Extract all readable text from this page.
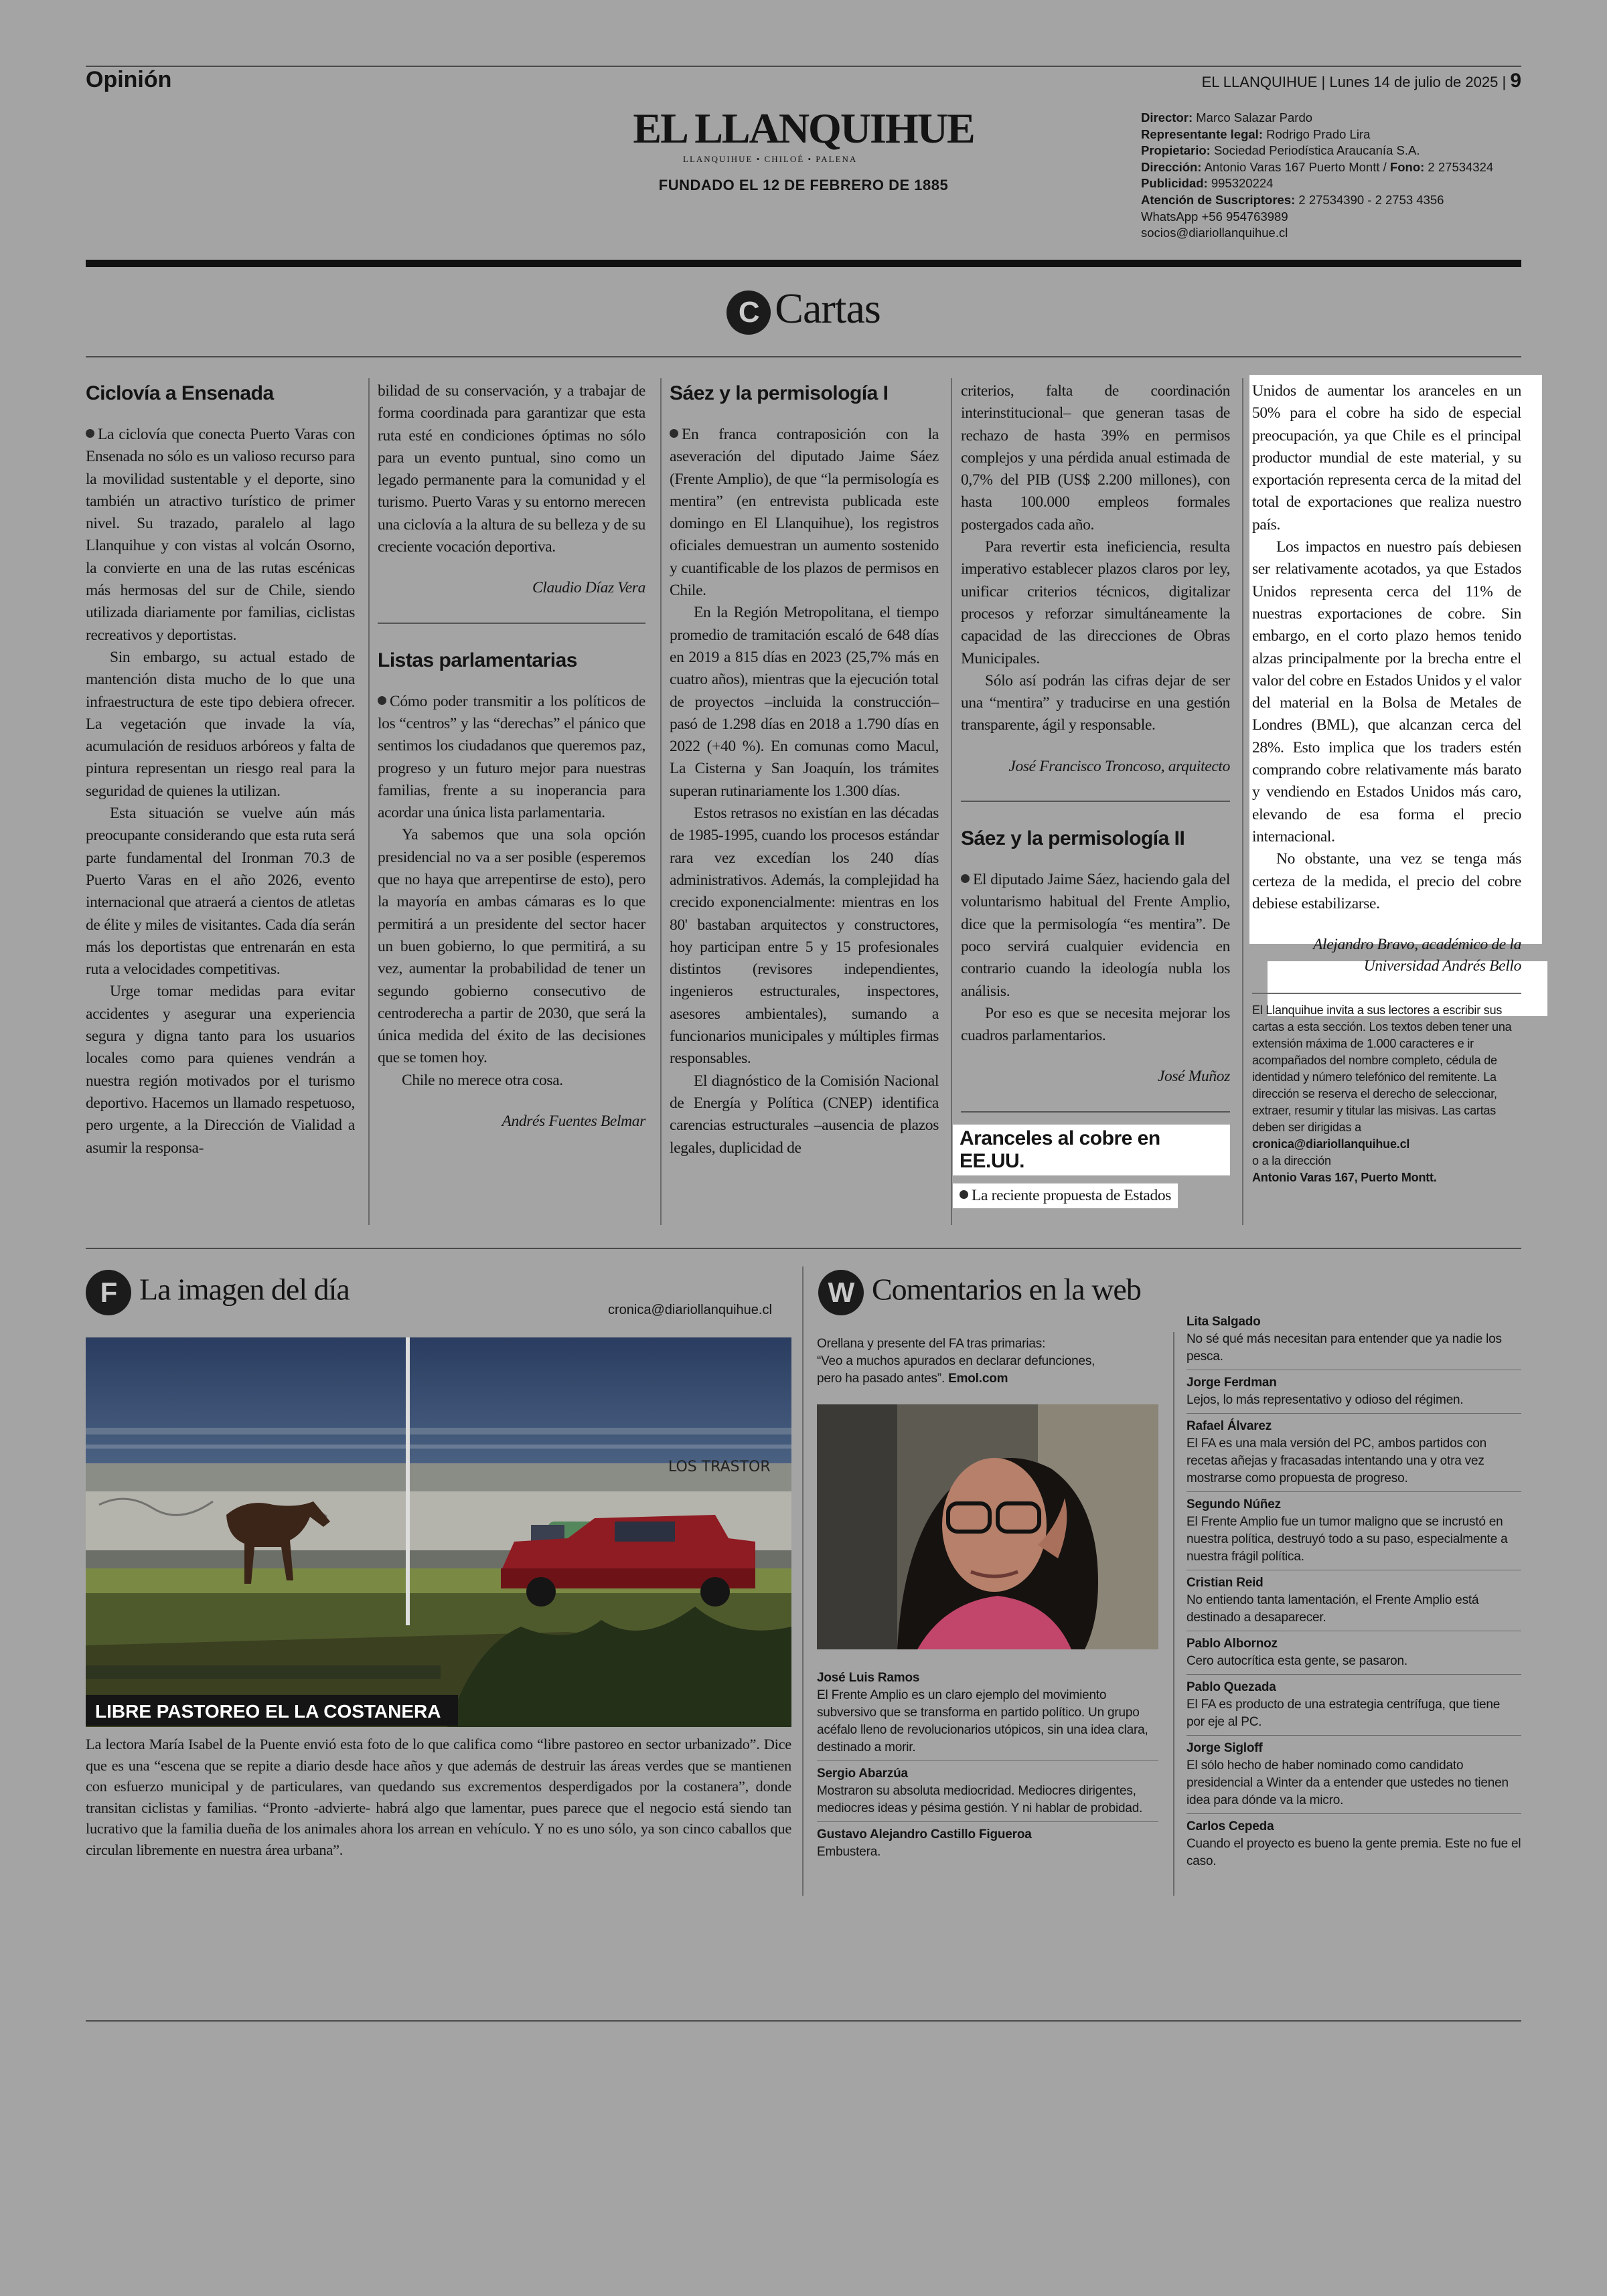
Opinión	EL LLANQUIHUE | Lunes 14 de julio de 2025 | 9
EL LLANQUIHUE
LLANQUIHUE • CHILOÉ • PALENA
FUNDADO EL 12 DE FEBRERO DE 1885
Director: Marco Salazar Pardo
Representante legal: Rodrigo Prado Lira
Propietario: Sociedad Periodística Araucanía S.A.
Dirección: Antonio Varas 167 Puerto Montt / Fono: 2 27534324
Publicidad: 995320224
Atención de Suscriptores: 2 27534390 - 2 2753 4356
WhatsApp +56 954763989
socios@diariollanquihue.cl
C Cartas
Ciclovía a Ensenada

La ciclovía que conecta Puerto Varas con Ensenada no sólo es un valioso recurso para la movilidad sustentable y el deporte, sino también un atractivo turístico de primer nivel. Su trazado, paralelo al lago Llanquihue y con vistas al volcán Osorno, la convierte en una de las rutas escénicas más hermosas del sur de Chile, siendo utilizada diariamente por familias, ciclistas recreativos y deportistas.

Sin embargo, su actual estado de mantención dista mucho de lo que una infraestructura de este tipo debiera ofrecer. La vegetación que invade la vía, acumulación de residuos arbóreos y falta de pintura representan un riesgo real para la seguridad de quienes la utilizan.

Esta situación se vuelve aún más preocupante considerando que esta ruta será parte fundamental del Ironman 70.3 de Puerto Varas en el año 2026, evento internacional que atraerá a cientos de atletas de élite y miles de visitantes. Cada día serán más los deportistas que entrenarán en esta ruta a velocidades competitivas.

Urge tomar medidas para evitar accidentes y asegurar una experiencia segura y digna tanto para los usuarios locales como para quienes vendrán a nuestra región motivados por el turismo deportivo. Hacemos un llamado respetuoso, pero urgente, a la Dirección de Vialidad a asumir la responsa-

bilidad de su conservación, y a trabajar de forma coordinada para garantizar que esta ruta esté en condiciones óptimas no sólo para un evento puntual, sino como un legado permanente para la comunidad y el turismo. Puerto Varas y su entorno merecen una ciclovía a la altura de su belleza y de su creciente vocación deportiva.

Claudio Díaz Vera

Listas parlamentarias

Cómo poder transmitir a los políticos de los “centros” y las “derechas” el pánico que sentimos los ciudadanos que queremos paz, progreso y un futuro mejor para nuestras familias, frente a su inoperancia para acordar una única lista parlamentaria.

Ya sabemos que una sola opción presidencial no va a ser posible (esperemos que no haya que arrepentirse de esto), pero la mayoría en ambas cámaras es lo que permitirá a un presidente del sector hacer un buen gobierno, lo que permitirá, a su vez, aumentar la probabilidad de tener un segundo gobierno consecutivo de centroderecha a partir de 2030, que será la única medida del éxito de las decisiones que se tomen hoy.

Chile no merece otra cosa.

Andrés Fuentes Belmar

Sáez y la permisología I

En franca contraposición con la aseveración del diputado Jaime Sáez (Frente Amplio), de que “la permisología es mentira” (en entrevista publicada este domingo en El Llanquihue), los registros oficiales demuestran un aumento sostenido y cuantificable de los plazos de permisos en Chile.

En la Región Metropolitana, el tiempo promedio de tramitación escaló de 648 días en 2019 a 815 días en 2023 (25,7% más en cuatro años), mientras que la ejecución total de proyectos –incluida la construcción– pasó de 1.298 días en 2018 a 1.790 días en 2022 (+40 %). En comunas como Macul, La Cisterna y San Joaquín, los trámites superan rutinariamente los 1.300 días.

Estos retrasos no existían en las décadas de 1985-1995, cuando los procesos estándar rara vez excedían los 240 días administrativos. Además, la complejidad ha crecido exponencialmente: mientras en los 80' bastaban arquitectos y constructores, hoy participan entre 5 y 15 profesionales distintos (revisores independientes, ingenieros estructurales, inspectores, asesores ambientales), sumando a funcionarios municipales y múltiples firmas responsables.

El diagnóstico de la Comisión Nacional de Energía y Política (CNEP) identifica carencias estructurales –ausencia de plazos legales, duplicidad de

criterios, falta de coordinación interinstitucional– que generan tasas de rechazo de hasta 39% en permisos complejos y una pérdida anual estimada de 0,7% del PIB (US$ 2.200 millones), con hasta 100.000 empleos formales postergados cada año.

Para revertir esta ineficiencia, resulta imperativo establecer plazos claros por ley, unificar criterios técnicos, digitalizar procesos y reforzar simultáneamente la capacidad de las direcciones de Obras Municipales.

Sólo así podrán las cifras dejar de ser una “mentira” y traducirse en una gestión transparente, ágil y responsable.

José Francisco Troncoso, arquitecto

Sáez y la permisología II

El diputado Jaime Sáez, haciendo gala del voluntarismo habitual del Frente Amplio, dice que la permisología “es mentira”. De poco servirá cualquier evidencia en contrario cuando la ideología nubla los análisis.

Por eso es que se necesita mejorar los cuadros parlamentarios.

José Muñoz

Aranceles al cobre en EE.UU.

La reciente propuesta de Estados

Unidos de aumentar los aranceles en un 50% para el cobre ha sido de especial preocupación, ya que Chile es el principal productor mundial de este material, y su exportación representa cerca de la mitad del total de exportaciones que realiza nuestro país.

Los impactos en nuestro país debiesen ser relativamente acotados, ya que Estados Unidos representa cerca del 11% de nuestras exportaciones de cobre. Sin embargo, en el corto plazo hemos tenido alzas principalmente por la brecha entre el valor del cobre en Estados Unidos y el valor del material en la Bolsa de Metales de Londres (BML), que alcanzan cerca del 28%. Esto implica que los traders estén comprando cobre relativamente más barato y vendiendo en Estados Unidos más caro, elevando de esa forma el precio internacional.

No obstante, una vez se tenga más certeza de la medida, el precio del cobre debiese estabilizarse.

Alejandro Bravo, académico de la Universidad Andrés Bello

El Llanquihue invita a sus lectores a escribir sus cartas a esta sección. Los textos deben tener una extensión máxima de 1.000 caracteres e ir acompañados del nombre completo, cédula de identidad y número telefónico del remitente. La dirección se reserva el derecho de seleccionar, extraer, resumir y titular las misivas. Las cartas deben ser dirigidas a
cronica@diariollanquihue.cl
o a la dirección
Antonio Varas 167, Puerto Montt.
F La imagen del día
cronica@diariollanquihue.cl
LOS TRASTOR
LIBRE PASTOREO EL LA COSTANERA
La lectora María Isabel de la Puente envió esta foto de lo que califica como “libre pastoreo en sector urbanizado”. Dice que es una “escena que se repite a diario desde hace años y que además de destruir las áreas verdes que se mantienen con esfuerzo municipal y de particulares, van quedando sus excrementos desperdigados por la costanera”, donde transitan ciclistas y familias. “Pronto -advierte- habrá algo que lamentar, pues parece que el negocio está siendo tan lucrativo que la familia dueña de los animales ahora los arrean en vehículo. Y no es uno sólo, ya son cinco caballos que circulan libremente en nuestra área urbana”.
W Comentarios en la web
Orellana y presente del FA tras primarias:
“Veo a muchos apurados en declarar defunciones, pero ha pasado antes”. Emol.com
José Luis Ramos
El Frente Amplio es un claro ejemplo del movimiento subversivo que se transforma en partido político. Un grupo acéfalo lleno de revolucionarios utópicos, sin una idea clara, destinado a morir.
Sergio Abarzúa
Mostraron su absoluta mediocridad. Mediocres dirigentes, mediocres ideas y pésima gestión. Y ni hablar de probidad.
Gustavo Alejandro Castillo Figueroa
Embustera.
Lita Salgado
No sé qué más necesitan para entender que ya nadie los pesca.
Jorge Ferdman
Lejos, lo más representativo y odioso del régimen.
Rafael Álvarez
El FA es una mala versión del PC, ambos partidos con recetas añejas y fracasadas intentando una y otra vez mostrarse como propuesta de progreso.
Segundo Núñez
El Frente Amplio fue un tumor maligno que se incrustó en nuestra política, destruyó todo a su paso, especialmente a nuestra frágil política.
Cristian Reid
No entiendo tanta lamentación, el Frente Amplio está destinado a desaparecer.
Pablo Albornoz
Cero autocrítica esta gente, se pasaron.
Pablo Quezada
El FA es producto de una estrategia centrífuga, que tiene por eje al PC.
Jorge Sigloff
El sólo hecho de haber nominado como candidato presidencial a Winter da a entender que ustedes no tienen idea para dónde va la micro.
Carlos Cepeda
Cuando el proyecto es bueno la gente premia. Este no fue el caso.
